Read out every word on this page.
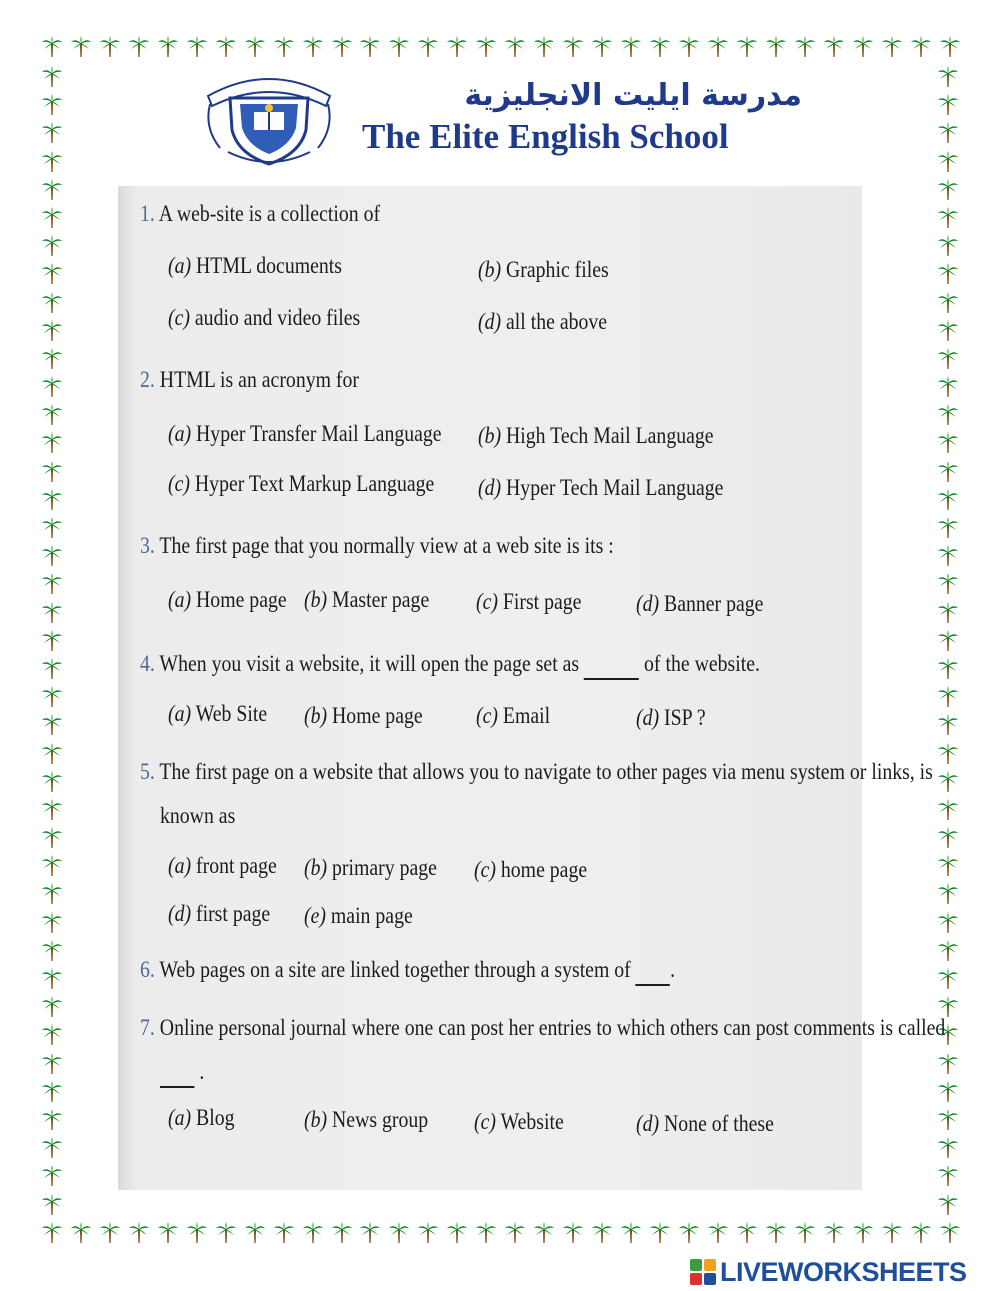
مدرسة ايليت الانجليزية
The Elite English School
1. A web-site is a collection of
(a) HTML documents	(b) Graphic files
(c) audio and video files	(d) all the above
2. HTML is an acronym for
(a) Hyper Transfer Mail Language (b) High Tech Mail Language
(c) Hyper Text Markup Language (d) Hyper Tech Mail Language
3. The first page that you normally view at a web site is its :
(a) Home page (b) Master page (c) First page (d) Banner page
4. When you visit a website, it will open the page set as	of the website.
(a) Web Site (b) Home page (c) Email	(d) ISP ?
5. The first page on a website that allows you to navigate to other pages via menu system or links, is
known as
(a) front page (b) primary page (c) home page
(d) first page (e) main page
6. Web pages on a site are linked together through a system of .
7. Online personal journal where one can post her entries to which others can post comments is called
.
(a) Blog	(b) News group (c) Website	(d) None of these
LIVEWORKSHEETS
